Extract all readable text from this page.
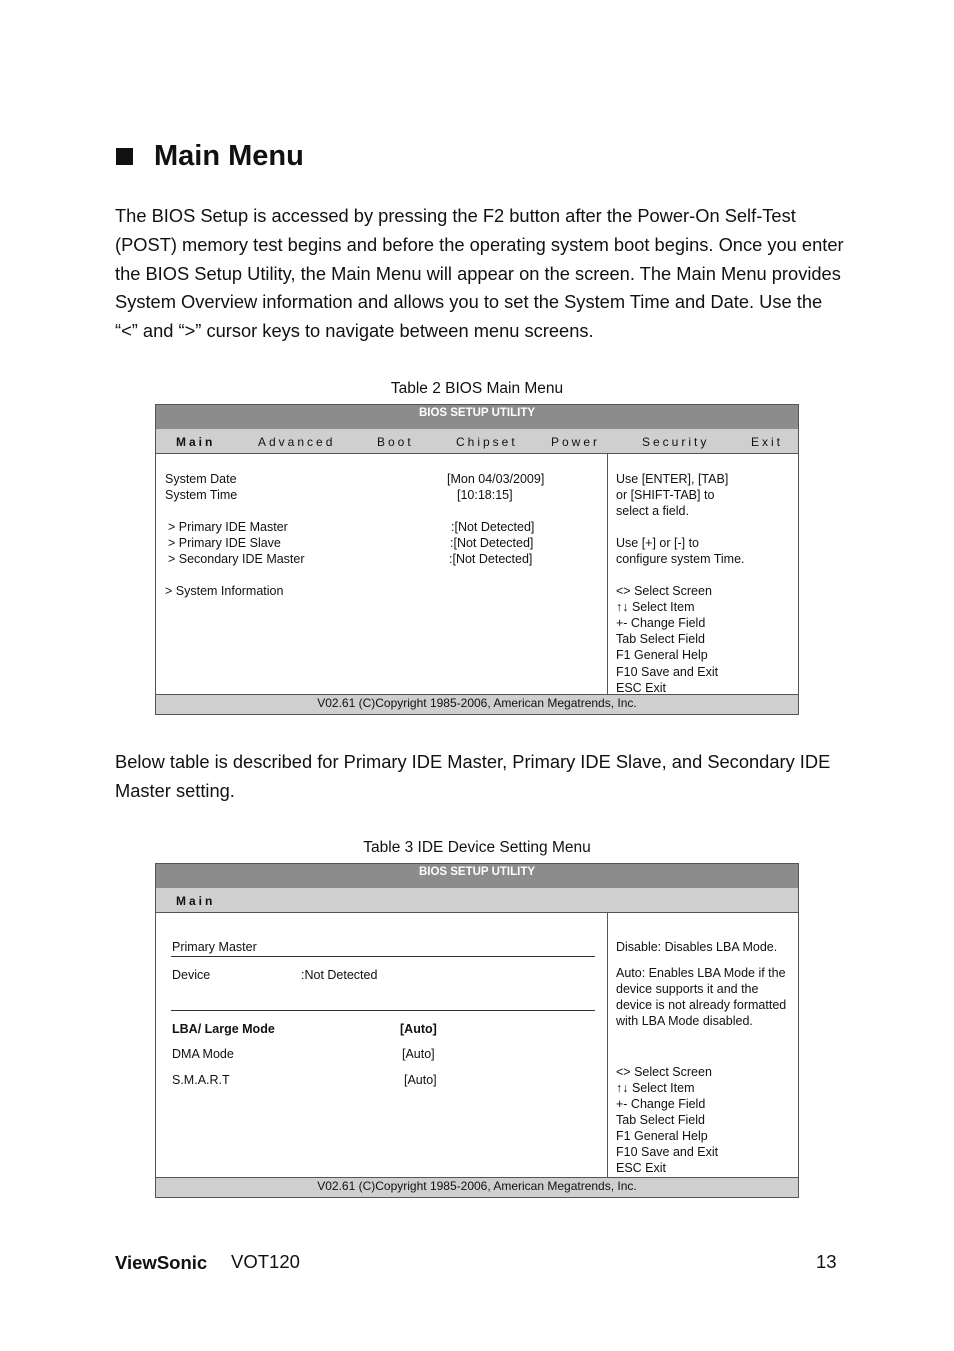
Main Menu
The BIOS Setup is accessed by pressing the F2 button after the Power-On Self-Test (POST) memory test begins and before the operating system boot begins. Once you enter the BIOS Setup Utility, the Main Menu will appear on the screen. The Main Menu provides System Overview information and allows you to set the System Time and Date. Use the “<” and “>” cursor keys to navigate between menu screens.
Table 2 BIOS Main Menu
BIOS SETUP UTILITY
Main	Advanced	Boot	Chipset	Power	Security	Exit
System Date	[Mon 04/03/2009]
System Time	[10:18:15]
> Primary IDE Master	:[Not Detected]
> Primary IDE Slave	:[Not Detected]
> Secondary IDE Master	:[Not Detected]
> System Information
Use [ENTER], [TAB]
or [SHIFT-TAB] to
select a field.
Use [+] or [-] to
configure system Time.
<> Select Screen
↑↓ Select Item
+- Change Field
Tab Select Field
F1 General Help
F10 Save and Exit
ESC Exit
V02.61 (C)Copyright 1985-2006, American Megatrends, Inc.
Below table is described for Primary IDE Master, Primary IDE Slave, and Secondary IDE Master setting.
Table 3 IDE Device Setting Menu
BIOS SETUP UTILITY
Main
Primary Master
Device	:Not Detected
LBA/ Large Mode	[Auto]
DMA Mode	[Auto]
S.M.A.R.T	[Auto]
Disable: Disables LBA Mode.
Auto: Enables LBA Mode if the
device supports it and the
device is not already formatted
with LBA Mode disabled.
<> Select Screen
↑↓ Select Item
+- Change Field
Tab Select Field
F1 General Help
F10 Save and Exit
ESC Exit
V02.61 (C)Copyright 1985-2006, American Megatrends, Inc.
ViewSonic VOT120	13
